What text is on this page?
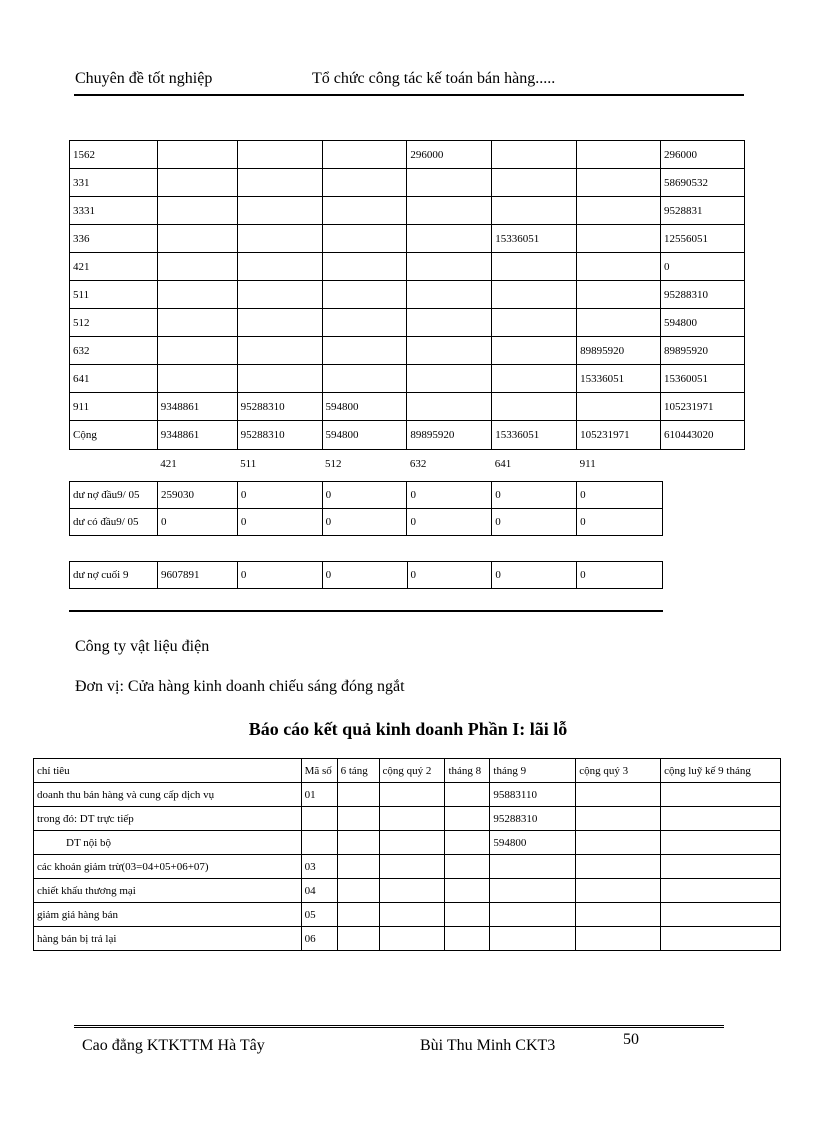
Chuyên đề tốt nghiệp	Tổ chức công tác kế toán bán hàng.....
1562				296000			296000
331							58690532
3331							9528831
336					15336051		12556051
421							0
511							95288310
512							594800
632						89895920	89895920
641						15336051	15360051
911	9348861	95288310	594800				105231971
Cộng	9348861	95288310	594800	89895920	15336051	105231971	610443020
	421	511	512	632	641	911	
dư nợ đầu9/ 05	259030	0	0	0	0	0
dư có đầu9/ 05	0	0	0	0	0	0
dư nợ cuối 9	9607891	0	0	0	0	0
Công ty vật liệu điện
Đơn vị: Cửa hàng kinh doanh chiếu sáng đóng ngắt
Báo cáo kết quả kinh doanh Phần I: lãi lỗ
chỉ tiêu	Mã số	6 táng	cộng quý 2	tháng 8	tháng 9	cộng quý 3	cộng luỹ kế 9 tháng
doanh thu bán hàng và cung cấp dịch vụ	01				95883110		
trong đó: DT trực tiếp					95288310		
DT nội bộ					594800		
các khoản giảm trừ(03=04+05+06+07)	03						
chiết khấu thương mại	04						
giảm giá hàng bán	05						
hàng bán bị trả lại	06						
Cao đẳng KTKTTM Hà Tây	Bùi Thu Minh CKT3	50
